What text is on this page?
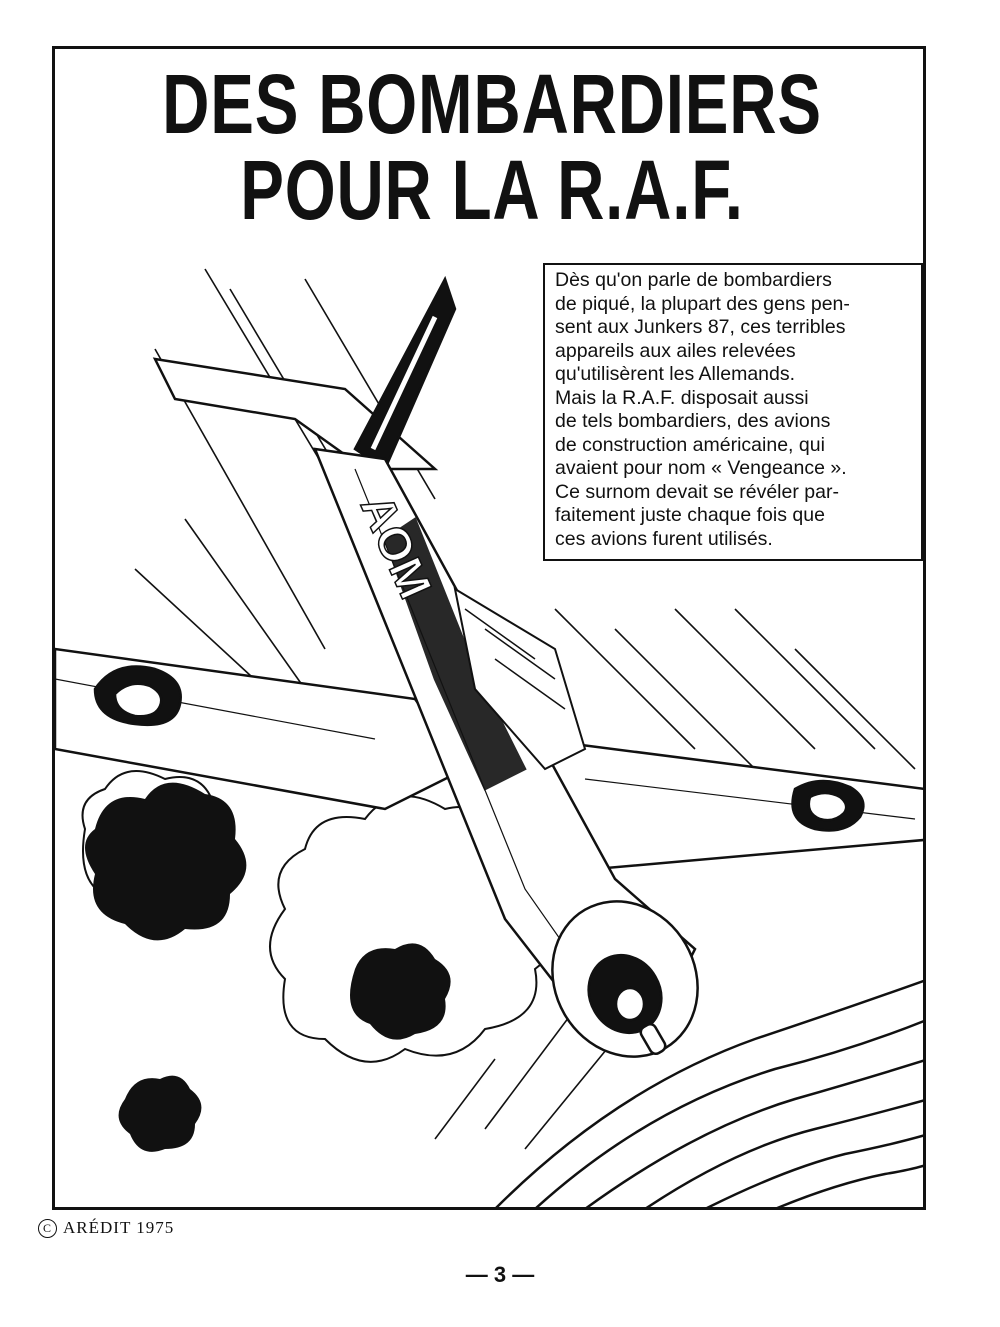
AOM
DES BOMBARDIERS
POUR LA R.A.F.
Dès qu'on parle de bombardiers
de piqué, la plupart des gens pen-
sent aux Junkers 87, ces terribles
appareils aux ailes relevées
qu'utilisèrent les Allemands.
Mais la R.A.F. disposait aussi
de tels bombardiers, des avions
de construction américaine, qui
avaient pour nom « Vengeance ».
Ce surnom devait se révéler par-
faitement juste chaque fois que
ces avions furent utilisés.
C ARÉDIT 1975
— 3 —
